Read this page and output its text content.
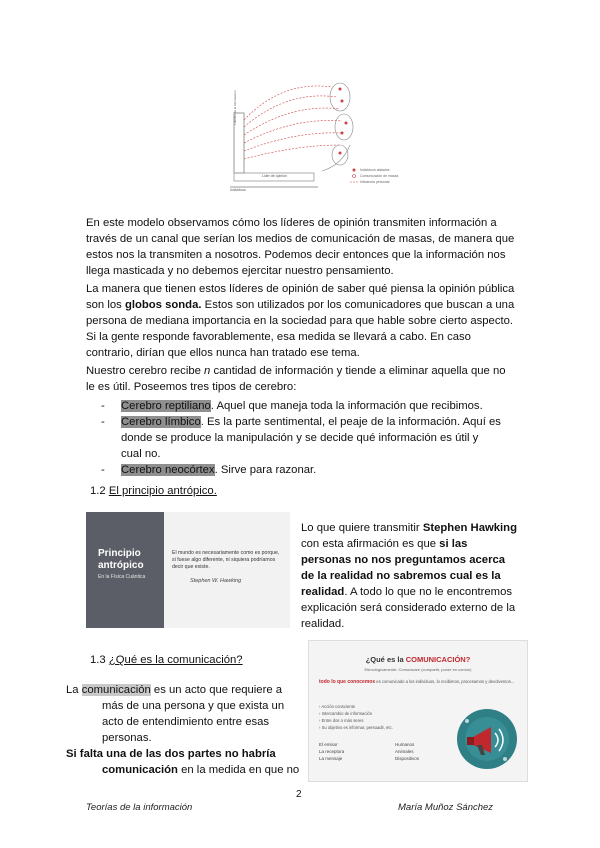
Fuentes de la información
Lider de opinión
Individuos
Individuos aislados
Comunicación de masas
Influencia personal

En este modelo observamos cómo los líderes de opinión transmiten información a través de un canal que serían los medios de comunicación de masas, de manera que estos nos la transmiten a nosotros. Podemos decir entonces que la información nos llega masticada y no debemos ejercitar nuestro pensamiento.

La manera que tienen estos líderes de opinión de saber qué piensa la opinión pública son los globos sonda. Estos son utilizados por los comunicadores que buscan a una persona de mediana importancia en la sociedad para que hable sobre cierto aspecto. Si la gente responde favorablemente, esa medida se llevará a cabo. En caso contrario, dirían que ellos nunca han tratado ese tema.

Nuestro cerebro recibe n cantidad de información y tiende a eliminar aquella que no le es útil. Poseemos tres tipos de cerebro:

- Cerebro reptiliano. Aquel que maneja toda la información que recibimos.
- Cerebro límbico. Es la parte sentimental, el peaje de la información. Aquí es donde se produce la manipulación y se decide qué información es útil y cual no.
- Cerebro neocórtex. Sirve para razonar.
1.2 El principio antrópico.
Principio
antrópico
En la Física Cuántica
El mundo es necesariamente como es porque, si fuese algo diferente, ni siquiera podríamos decir que existe.
Stephen W. Hawking

Lo que quiere transmitir Stephen Hawking con esta afirmación es que si las personas no nos preguntamos acerca de la realidad no sabremos cual es la realidad. A todo lo que no le encontremos explicación será considerado externo de la realidad.

1.3 ¿Qué es la comunicación?

La comunicación es un acto que requiere a más de una persona y que exista un acto de entendimiento entre esas personas.

Si falta una de las dos partes no habría comunicación en la medida en que no

¿Qué es la COMUNICACIÓN?
Etimológicamente: Comunicare (compartir, poner en común)
todo lo que conocemos es comunicado a los individuos, lo recibimos, procesamos y devolvemos...
› Acción consciente
› Intercambio de información
› Entre dos o más seres
› Su objetivo es informar, persuadir, etc.
El emisor	Humanos
La receptora	Animales
La mensaje	Dispositivos
2
Teorías de la información	María Muñoz Sánchez
